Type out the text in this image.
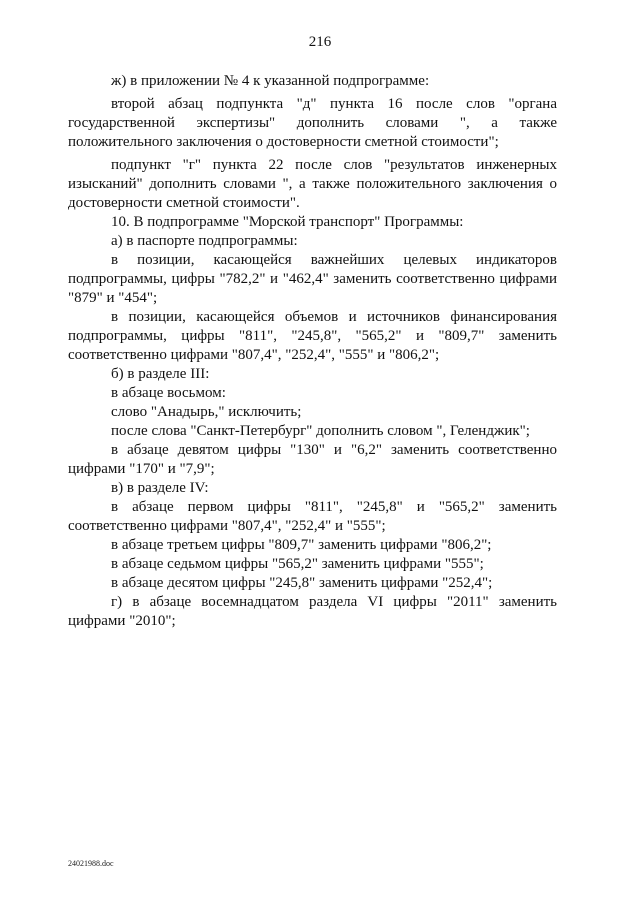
216

ж) в приложении № 4 к указанной подпрограмме:

второй абзац подпункта "д" пункта 16 после слов "органа государственной экспертизы" дополнить словами ", а также положительного заключения о достоверности сметной стоимости";

подпункт "г" пункта 22 после слов "результатов инженерных изысканий" дополнить словами ", а также положительного заключения о достоверности сметной стоимости".

10. В подпрограмме "Морской транспорт" Программы:

а) в паспорте подпрограммы:

в позиции, касающейся важнейших целевых индикаторов подпрограммы, цифры "782,2" и "462,4" заменить соответственно цифрами "879" и "454";

в позиции, касающейся объемов и источников финансирования подпрограммы, цифры "811", "245,8", "565,2" и "809,7" заменить соответственно цифрами "807,4", "252,4", "555" и "806,2";

б) в разделе III:

в абзаце восьмом:

слово "Анадырь," исключить;

после слова "Санкт-Петербург" дополнить словом ", Геленджик";

в абзаце девятом цифры "130" и "6,2" заменить соответственно цифрами "170" и "7,9";

в) в разделе IV:

в абзаце первом цифры "811", "245,8" и "565,2" заменить соответственно цифрами "807,4", "252,4" и "555";

в абзаце третьем цифры "809,7" заменить цифрами "806,2";

в абзаце седьмом цифры "565,2" заменить цифрами "555";

в абзаце десятом цифры "245,8" заменить цифрами "252,4";

г) в абзаце восемнадцатом раздела VI цифры "2011" заменить цифрами "2010";

24021988.doc
